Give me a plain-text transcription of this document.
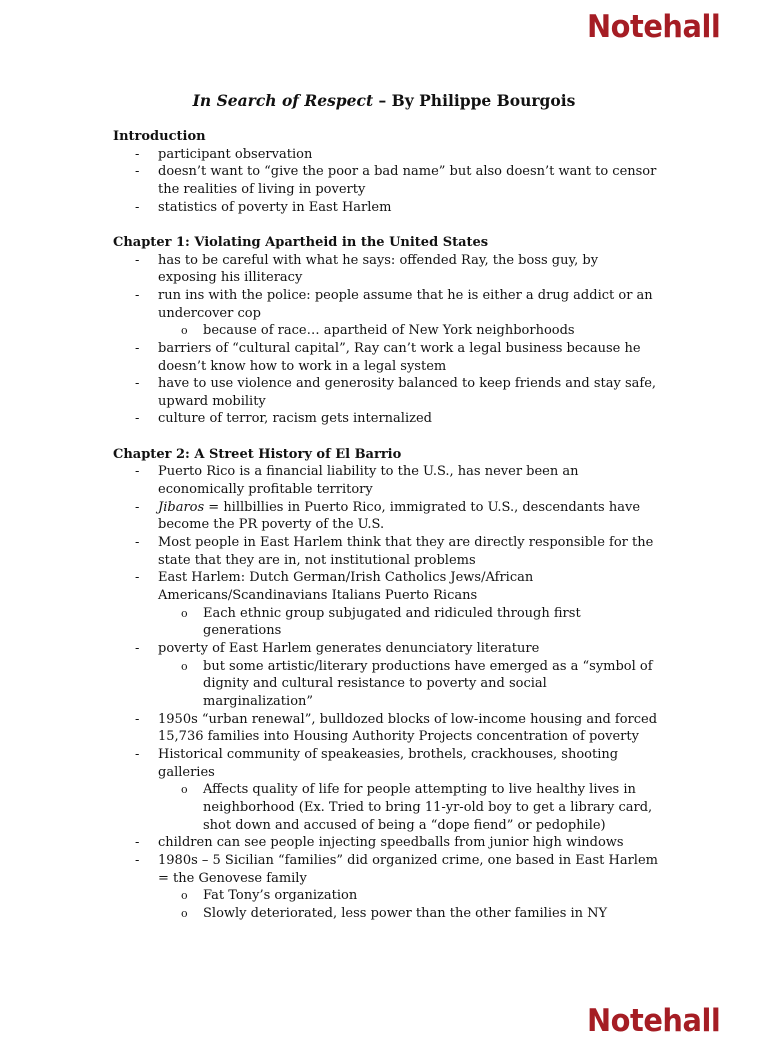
Notehall
In Search of Respect – By Philippe Bourgois
Introduction
- participant observation
- doesn’t want to “give the poor a bad name” but also doesn’t want to censor the realities of living in poverty
- statistics of poverty in East Harlem
Chapter 1: Violating Apartheid in the United States
- has to be careful with what he says: offended Ray, the boss guy, by exposing his illiteracy
- run ins with the police: people assume that he is either a drug addict or an undercover cop
o because of race… apartheid of New York neighborhoods
- barriers of “cultural capital”, Ray can’t work a legal business because he doesn’t know how to work in a legal system
- have to use violence and generosity balanced to keep friends and stay safe, upward mobility
- culture of terror, racism gets internalized
Chapter 2: A Street History of El Barrio
- Puerto Rico is a financial liability to the U.S., has never been an economically profitable territory
- Jibaros = hillbillies in Puerto Rico, immigrated to U.S., descendants have become the PR poverty of the U.S.
- Most people in East Harlem think that they are directly responsible for the state that they are in, not institutional problems
- East Harlem: Dutch German/Irish Catholics Jews/African Americans/Scandinavians Italians Puerto Ricans
o Each ethnic group subjugated and ridiculed through first generations
- poverty of East Harlem generates denunciatory literature
o but some artistic/literary productions have emerged as a “symbol of dignity and cultural resistance to poverty and social marginalization”
- 1950s “urban renewal”, bulldozed blocks of low-income housing and forced 15,736 families into Housing Authority Projects concentration of poverty
- Historical community of speakeasies, brothels, crackhouses, shooting galleries
o Affects quality of life for people attempting to live healthy lives in neighborhood (Ex. Tried to bring 11-yr-old boy to get a library card, shot down and accused of being a “dope fiend” or pedophile)
- children can see people injecting speedballs from junior high windows
- 1980s – 5 Sicilian “families” did organized crime, one based in East Harlem = the Genovese family
o Fat Tony’s organization
o Slowly deteriorated, less power than the other families in NY
Notehall
